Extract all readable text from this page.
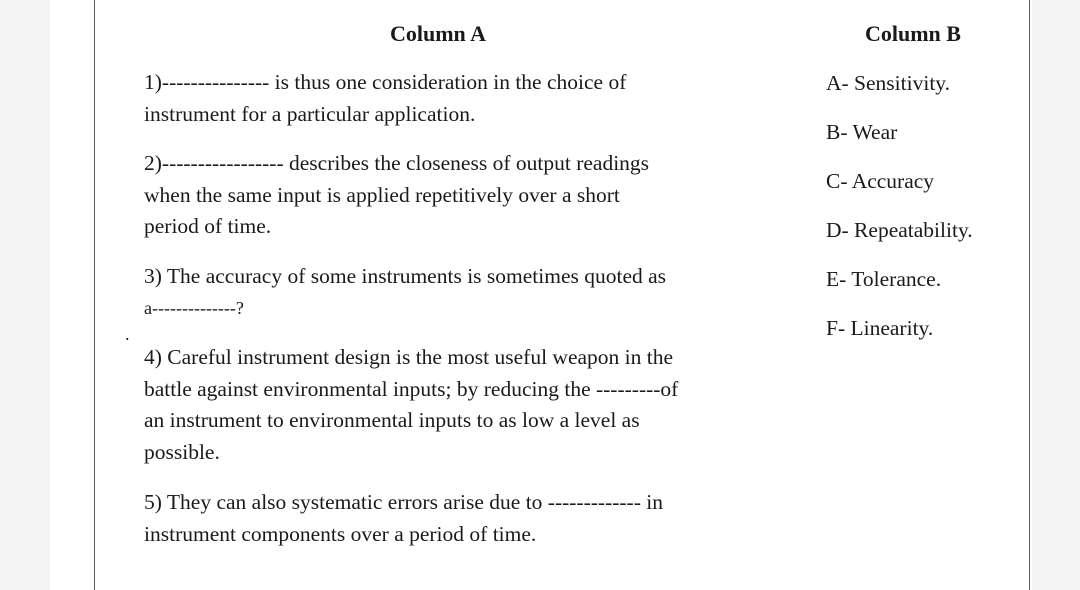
Column A	Column B
1)--------------- is thus one consideration in the choice of
instrument for a particular application.
2)----------------- describes the closeness of output readings
when the same input is applied repetitively over a short
period of time.
3) The accuracy of some instruments is sometimes quoted as
a--------------?
4) Careful instrument design is the most useful weapon in the
battle against environmental inputs; by reducing the ---------of
an instrument to environmental inputs to as low a level as
possible.
5) They can also systematic errors arise due to ------------- in
instrument components over a period of time.
A- Sensitivity.
B- Wear
C- Accuracy
D- Repeatability.
E- Tolerance.
F- Linearity.
.
